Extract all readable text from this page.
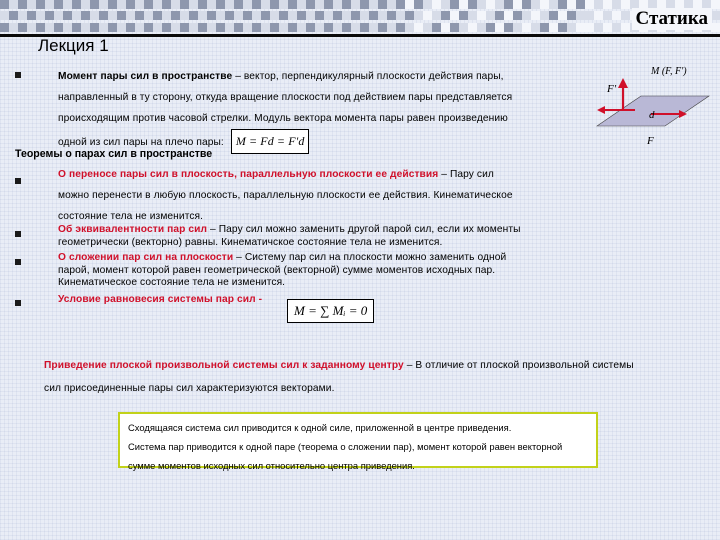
Статика
Лекция 1
Момент пары сил в пространстве – вектор, перпендикулярный плоскости действия пары,
направленный в ту сторону, откуда вращение плоскости под действием пары представляется
происходящим против часовой стрелки. Модуль вектора момента пары равен произведению
одной из сил пары на плечо пары: M = Fd = F'd
M (F, F')
F'
d
F
Теоремы о парах сил в пространстве
О переносе пары сил в плоскость, параллельную плоскости ее действия – Пару сил
можно перенести в любую плоскость, параллельную плоскости ее действия. Кинематическое
состояние тела не изменится.
Об эквивалентности пар сил – Пару сил можно заменить другой парой сил, если их моменты
геометрически (векторно) равны. Кинематичское состояние тела не изменится.
О сложении пар сил на плоскости – Систему пар сил на плоскости можно заменить одной
парой, момент которой равен геометрической (векторной) сумме моментов исходных пар.
Кинематическое состояние тела не изменится.
Условие равновесия системы пар сил -
M = ∑ Mᵢ = 0
Приведение плоской произвольной системы сил к заданному центру – В отличие от плоской произвольной системы
сил присоединенные пары сил характеризуются векторами.
Сходящаяся система сил приводится к одной силе, приложенной в центре приведения.
Система пар приводится к одной паре (теорема о сложении пар), момент которой равен векторной
сумме моментов исходных сил относительно центра приведения.
